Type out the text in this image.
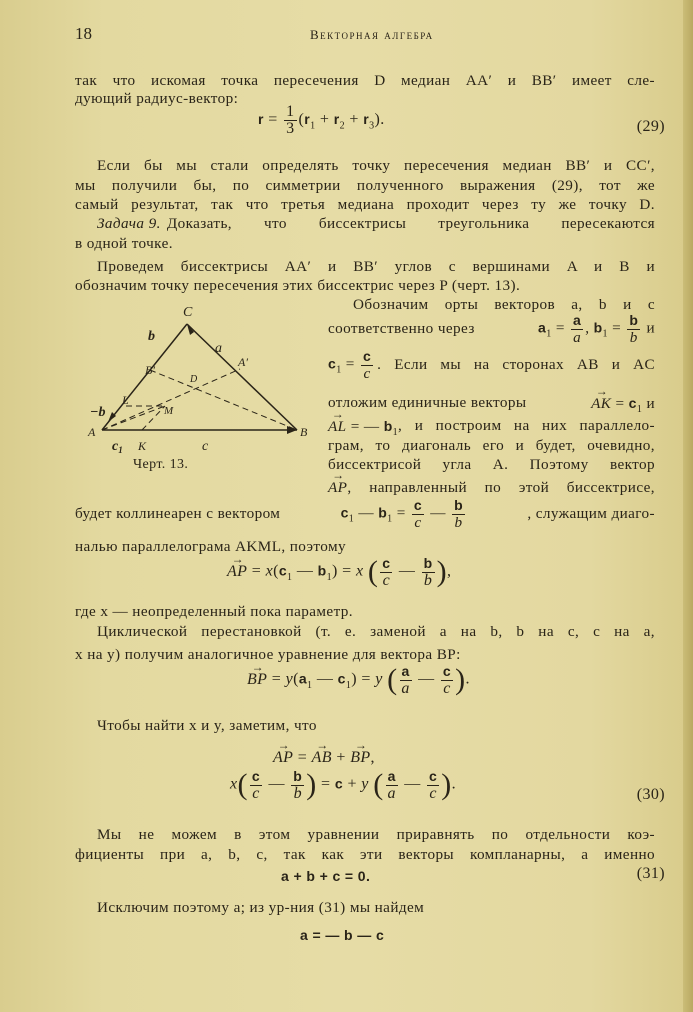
18	Векторная алгебра
так что искомая точка пересечения D медиан AA′ и BB′ имеет сле-
дующий радиус-вектор:
$r = \frac{1}{3} (r_1 + r_2 + r_3)$.	(29)
Если бы мы стали определять точку пересечения медиан BB′ и CC′,
мы получили бы, по симметрии полученного выражения (29), тот же
самый результат, так что третья медиана проходит через ту же точку D.
Задача 9. Доказать, что биссектрисы треугольника пересекаются
в одной точке.
Проведем биссектрисы AA′ и BB′ углов с вершинами A и B и
обозначим точку пересечения этих биссектрис через P (черт. 13).
C
b
a
B′
A′
D
L
M
−b
A	B
$c_1$ K	c
Черт. 13.
Обозначим орты векторов a, b и c
соответственно через	$a_1 = \frac{a}{a}$ , $b_1 = \frac{b}{b}$ и
$c_1 = \frac{c}{c}$ . Если мы на сторонах AB и AC
отложим единичные векторы	→ AK = $c_1$ и
→ AL = — $b_1$ , и построим на них параллело-
грам, то диагональ его и будет, очевидно,
биссектрисой угла A. Поэтому вектор
→ AP , направленный по этой биссектрисе,
будет коллинеарен с вектором	$c_1$ — $b_1 = \frac{c}{c}$ — $\frac{b}{b}$	, служащим диаго-
налью параллелограма AKML, поэтому
→ AP = $x(c_1$ — $b_1) = x$ ( $\frac{c}{c}$ — $\frac{b}{b}$ ),
где x — неопределенный пока параметр.
Циклической перестановкой (т. е. заменой a на b, b на c, c на a,
x на y) получим аналогичное уравнение для вектора BP:
→ BP = $y(a_1$ — $c_1) = y$ ( $\frac{a}{a}$ — $\frac{c}{c}$ ).
Чтобы найти x и y, заметим, что
→ AP = → AB + → BP,
$x( \frac{c}{c}$ — $\frac{b}{b}$ ) = c + y ( $\frac{a}{a}$ — $\frac{c}{c}$ ).
(30)
Мы не можем в этом уравнении приравнять по отдельности коэ-
фициенты при a, b, c, так как эти векторы компланарны, а именно
a + b + c = 0.	(31)
Исключим поэтому a; из ур-ния (31) мы найдем
a = — b — c
